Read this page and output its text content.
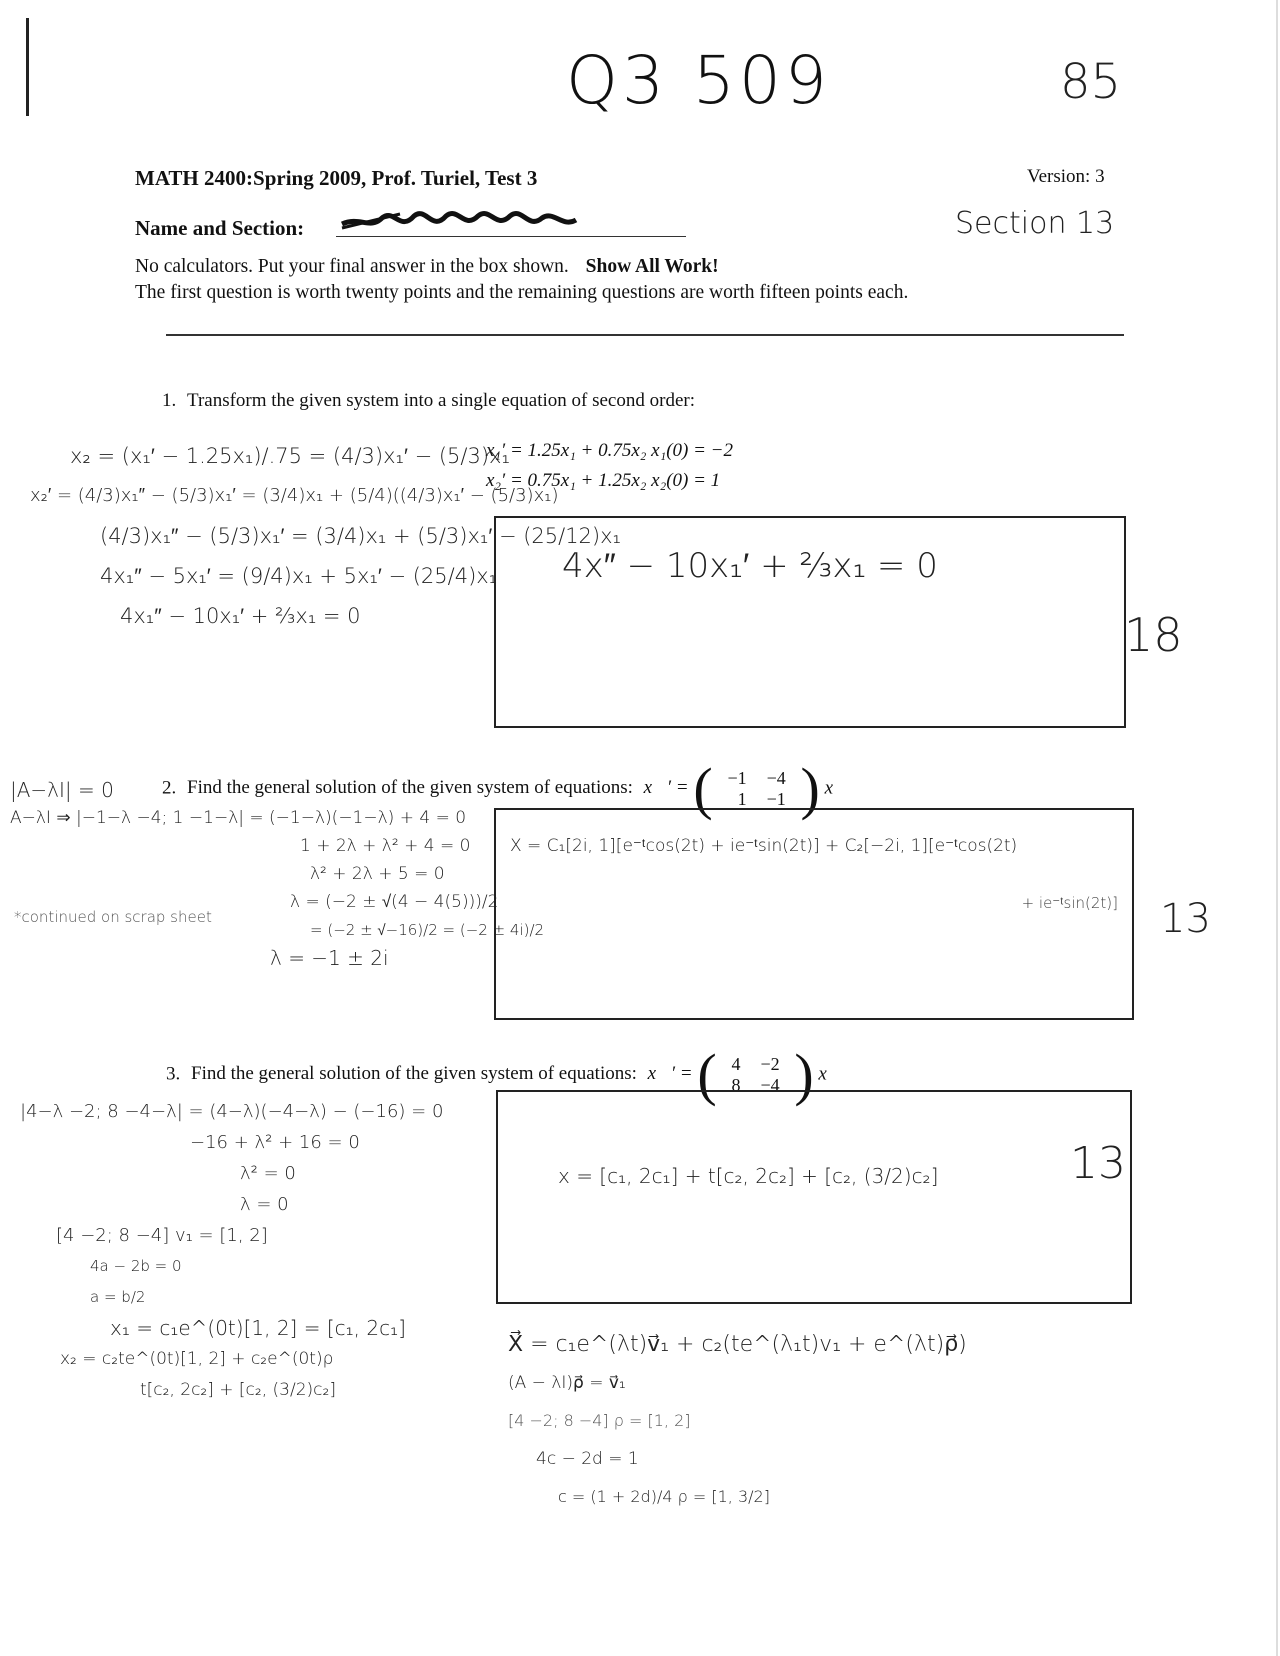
Q3 509	85
MATH 2400:Spring 2009, Prof. Turiel, Test 3	Version: 3
Name and Section:	Section 13
No calculators. Put your final answer in the box shown. Show All Work!
The first question is worth twenty points and the remaining questions are worth fifteen points each.
1. Transform the given system into a single equation of second order:
x₁′ = 1.25x₁ + 0.75x₂ x₁(0) = −2
x₂′ = 0.75x₁ + 1.25x₂ x₂(0) = 1
x₂ = (x₁′ − 1.25x₁)/.75 = (4/3)x₁′ − (5/3)x₁
x₂′ = (4/3)x₁″ − (5/3)x₁′ = (3/4)x₁ + (5/4)((4/3)x₁′ − (5/3)x₁)
(4/3)x₁″ − (5/3)x₁′ = (3/4)x₁ + (5/3)x₁′ − (25/12)x₁
4x₁″ − 5x₁′ = (9/4)x₁ + 5x₁′ − (25/4)x₁
4x₁″ − 10x₁′ + ⅔x₁ = 0
4x″ − 10x₁′ + ⅔x₁ = 0
18
2. Find the general solution of the given system of equations: x⃗′ = ( −1	−4
1	−1 ) x⃗
|A−λI| = 0
A−λI ⇒ |−1−λ −4; 1 −1−λ| = (−1−λ)(−1−λ) + 4 = 0
1 + 2λ + λ² + 4 = 0
λ² + 2λ + 5 = 0
λ = (−2 ± √(4 − 4(5)))/2
= (−2 ± √−16)/2 = (−2 ± 4i)/2
λ = −1 ± 2i
*continued on scrap sheet
X = C₁[2i, 1][e⁻ᵗcos(2t) + ie⁻ᵗsin(2t)] + C₂[−2i, 1][e⁻ᵗcos(2t)
+ ie⁻ᵗsin(2t)] 13
3. Find the general solution of the given system of equations: x⃗′ = ( 4	−2
8	−4 ) x⃗
|4−λ −2; 8 −4−λ| = (4−λ)(−4−λ) − (−16) = 0
−16 + λ² + 16 = 0
λ² = 0
λ = 0
[4 −2; 8 −4] v₁ = [1, 2]
4a − 2b = 0
a = b/2
x₁ = c₁e^(0t)[1, 2] = [c₁, 2c₁]
x₂ = c₂te^(0t)[1, 2] + c₂e^(0t)ρ
t[c₂, 2c₂] + [c₂, (3/2)c₂]
x = [c₁, 2c₁] + t[c₂, 2c₂] + [c₂, (3/2)c₂]	13
X⃗ = c₁e^(λt)v⃗₁ + c₂(te^(λ₁t)v₁ + e^(λt)ρ⃗)
(A − λI)ρ⃗ = v⃗₁
[4 −2; 8 −4] ρ = [1, 2]
4c − 2d = 1
c = (1 + 2d)/4 ρ = [1, 3/2]
